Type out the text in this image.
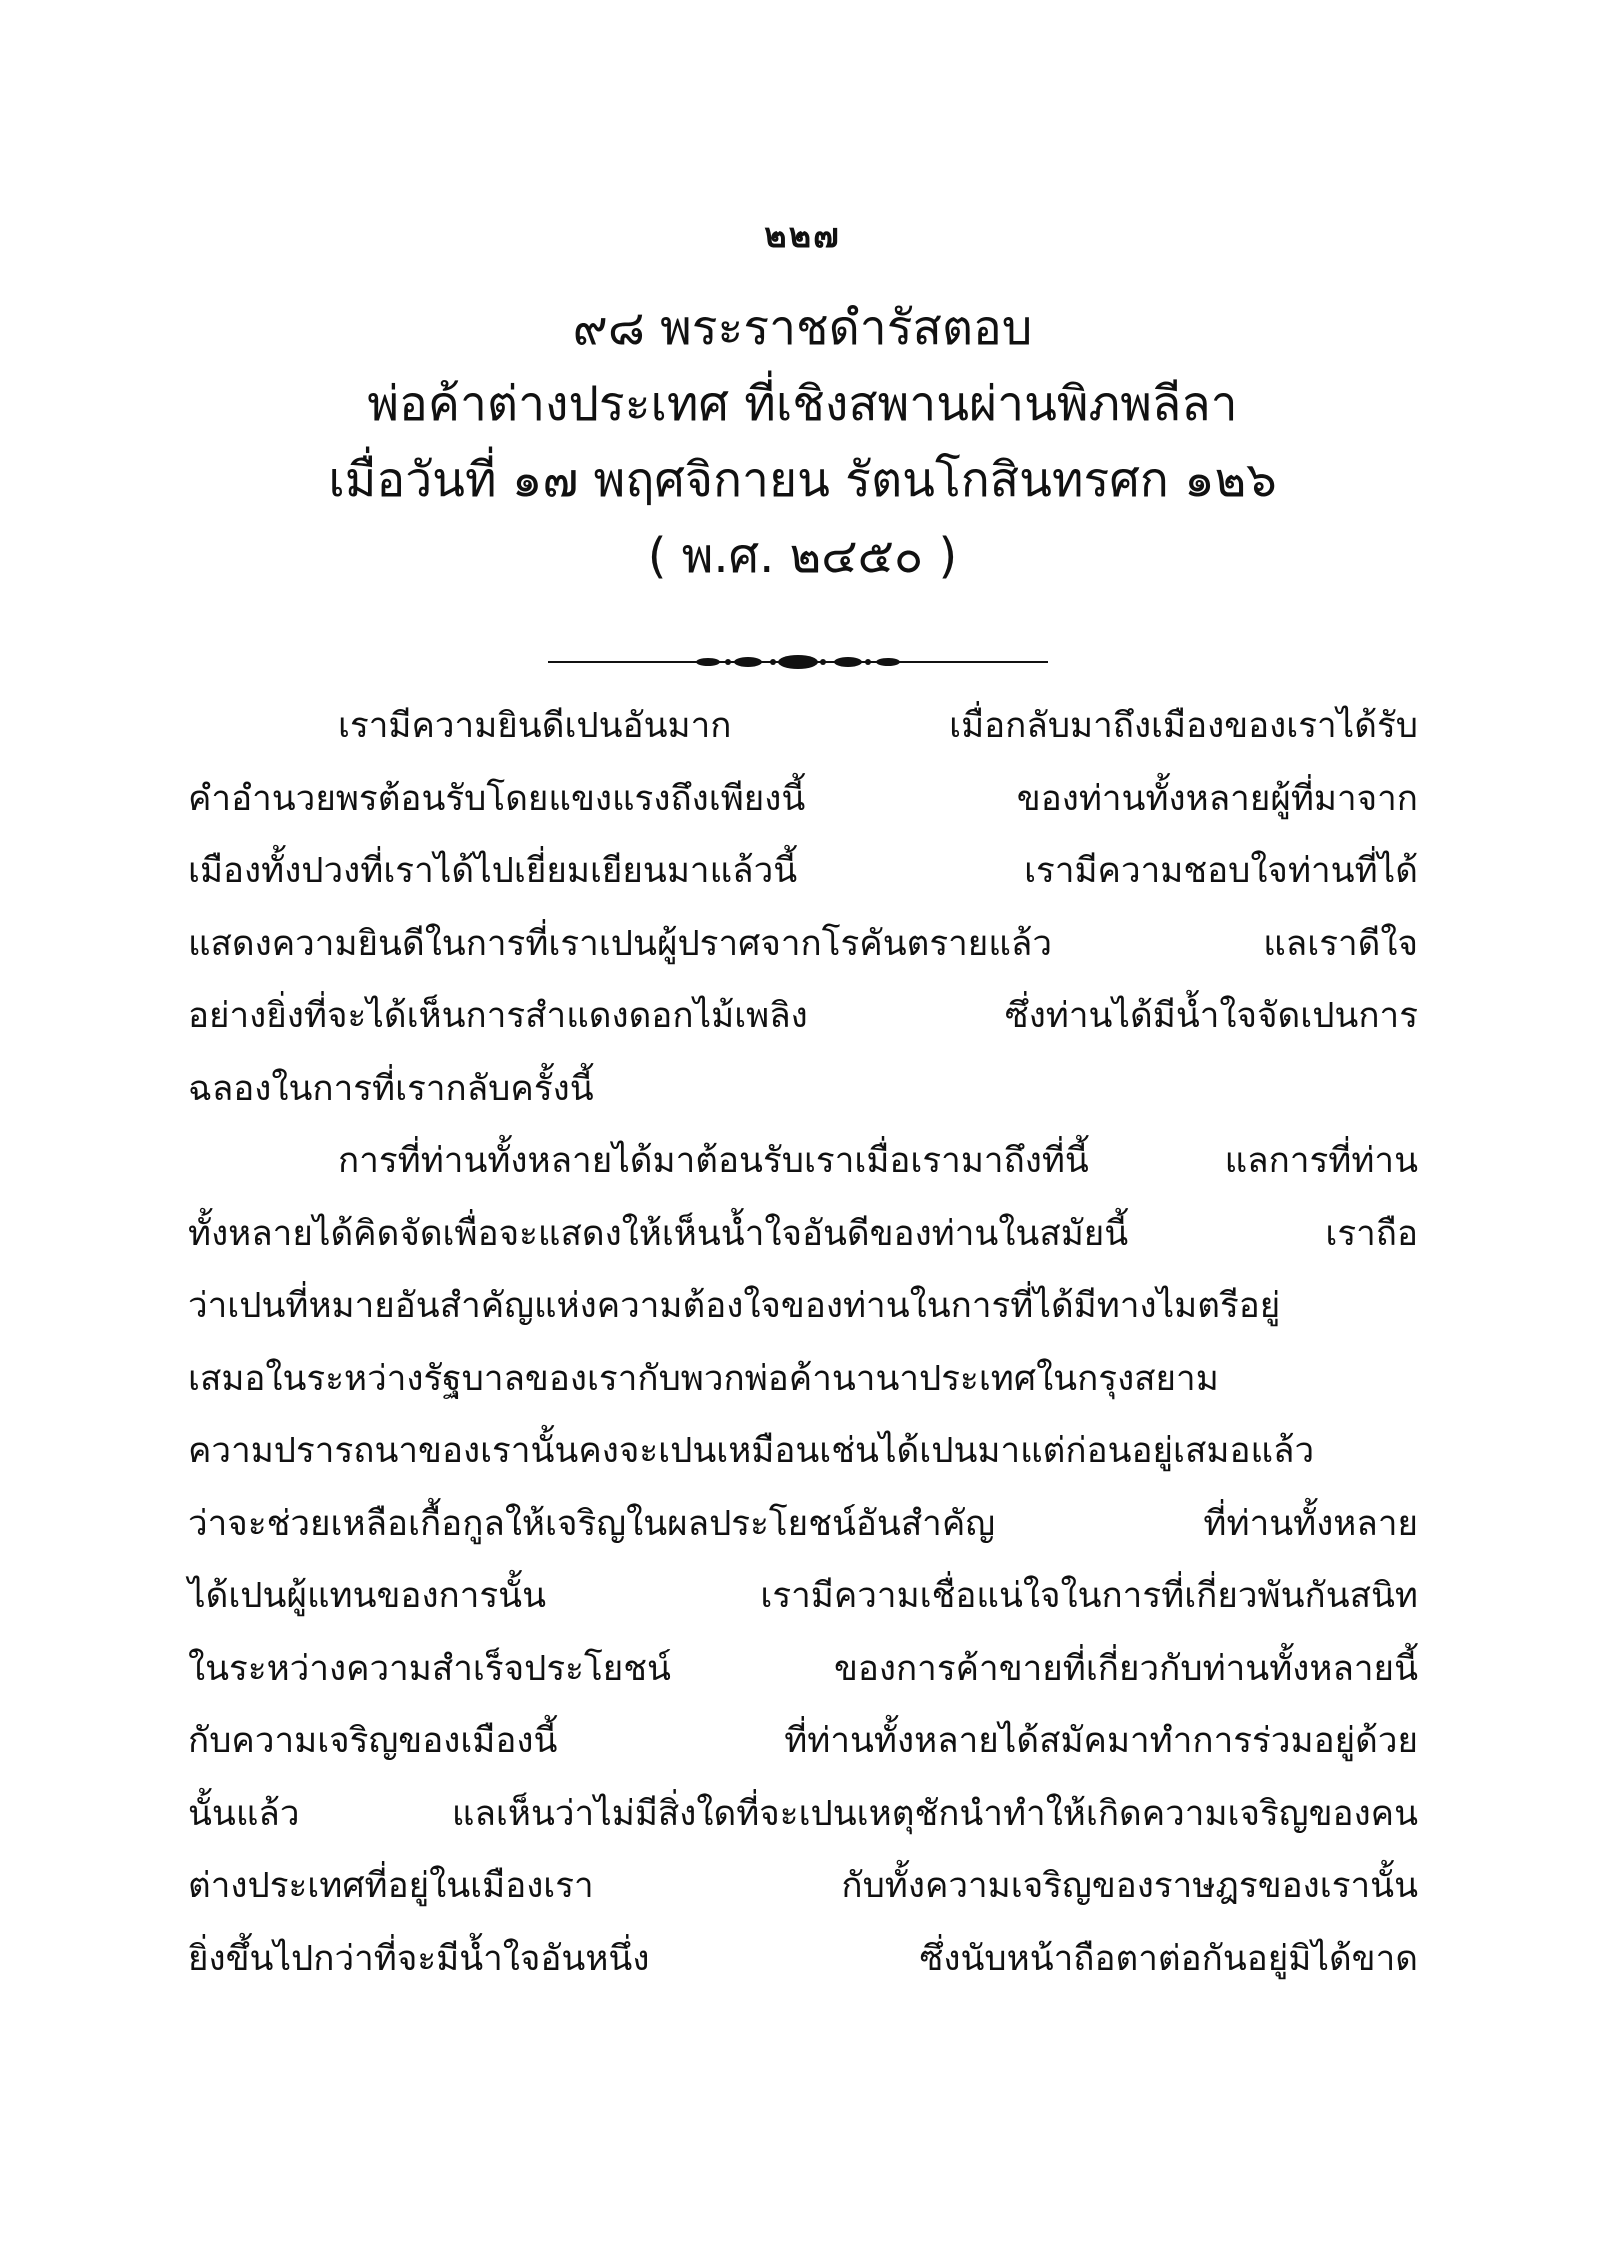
๒๒๗
๙๘ พระราชดำรัสตอบ
พ่อค้าต่างประเทศ ที่เชิงสพานผ่านพิภพลีลา
เมื่อวันที่ ๑๗ พฤศจิกายน รัตนโกสินทรศก ๑๒๖
( พ.ศ. ๒๔๕๐ )
เรามีความยินดีเปนอันมาก เมื่อกลับมาถึงเมืองของเราได้รับ
คำอำนวยพรต้อนรับโดยแขงแรงถึงเพียงนี้ ของท่านทั้งหลายผู้ที่มาจาก
เมืองทั้งปวงที่เราได้ไปเยี่ยมเยียนมาแล้วนี้ เรามีความชอบใจท่านที่ได้
แสดงความยินดีในการที่เราเปนผู้ปราศจากโรคันตรายแล้ว แลเราดีใจ
อย่างยิ่งที่จะได้เห็นการสำแดงดอกไม้เพลิง ซึ่งท่านได้มีน้ำใจจัดเปนการ
ฉลองในการที่เรากลับครั้งนี้
การที่ท่านทั้งหลายได้มาต้อนรับเราเมื่อเรามาถึงที่นี้ แลการที่ท่าน
ทั้งหลายได้คิดจัดเพื่อจะแสดงให้เห็นน้ำใจอันดีของท่านในสมัยนี้ เราถือ
ว่าเปนที่หมายอันสำคัญแห่งความต้องใจของท่านในการที่ได้มีทางไมตรีอยู่
เสมอในระหว่างรัฐบาลของเรากับพวกพ่อค้านานาประเทศในกรุงสยาม
ความปรารถนาของเรานั้นคงจะเปนเหมือนเช่นได้เปนมาแต่ก่อนอยู่เสมอแล้ว
ว่าจะช่วยเหลือเกื้อกูลให้เจริญในผลประโยชน์อันสำคัญ ที่ท่านทั้งหลาย
ได้เปนผู้แทนของการนั้น เรามีความเชื่อแน่ใจในการที่เกี่ยวพันกันสนิท
ในระหว่างความสำเร็จประโยชน์ ของการค้าขายที่เกี่ยวกับท่านทั้งหลายนี้
กับความเจริญของเมืองนี้ ที่ท่านทั้งหลายได้สมัคมาทำการร่วมอยู่ด้วย
นั้นแล้ว แลเห็นว่าไม่มีสิ่งใดที่จะเปนเหตุชักนำทำให้เกิดความเจริญของคน
ต่างประเทศที่อยู่ในเมืองเรา กับทั้งความเจริญของราษฎรของเรานั้น
ยิ่งขึ้นไปกว่าที่จะมีน้ำใจอันหนึ่ง ซึ่งนับหน้าถือตาต่อกันอยู่มิได้ขาด
